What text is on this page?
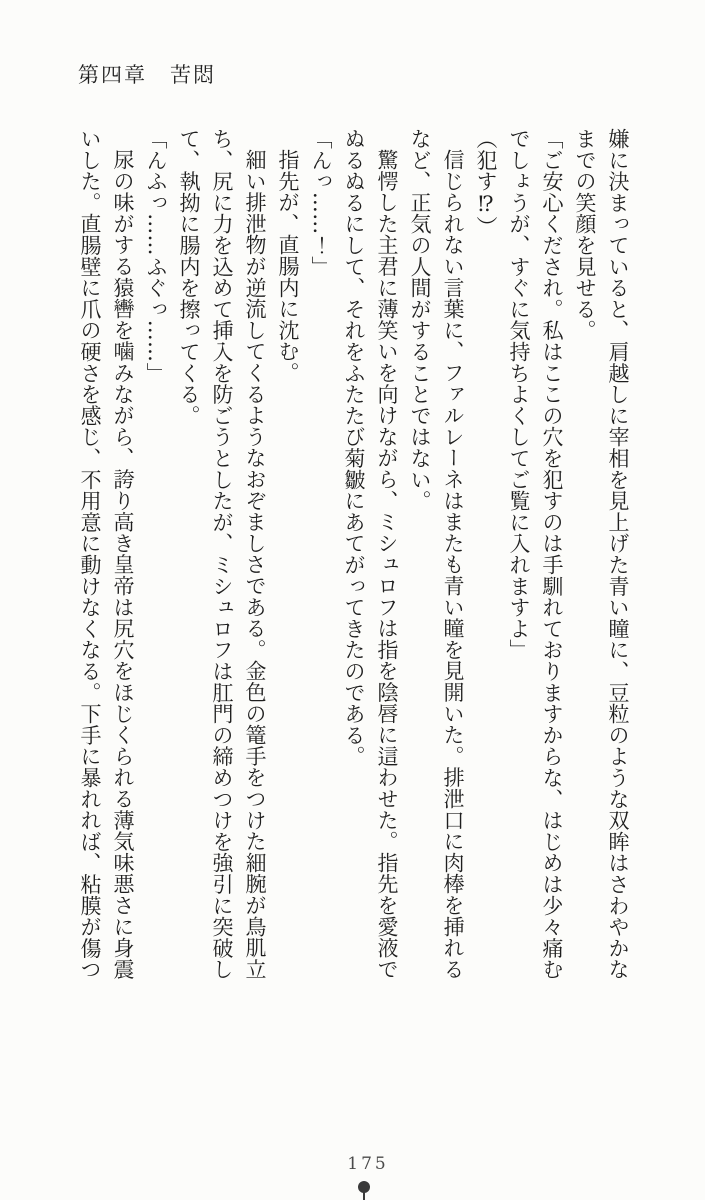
第四章　苦悶
嫌に決まっていると、肩越しに宰相を見上げた青い瞳に、豆粒のような双眸はさわやかな
までの笑顔を見せる。
「ご安心くだされ。私はここの穴を犯すのは手馴れておりますからな、はじめは少々痛む
でしょうが、すぐに気持ちよくしてご覧に入れますよ」
（犯す⁉）
信じられない言葉に、ファルレーネはまたも青い瞳を見開いた。排泄口に肉棒を挿れる
など、正気の人間がすることではない。
驚愕した主君に薄笑いを向けながら、ミシュロフは指を陰唇に這わせた。指先を愛液で
ぬるぬるにして、それをふたたび菊皺にあてがってきたのである。
「んっ……！」
指先が、直腸内に沈む。
細い排泄物が逆流してくるようなおぞましさである。金色の篭手をつけた細腕が鳥肌立
ち、尻に力を込めて挿入を防ごうとしたが、ミシュロフは肛門の締めつけを強引に突破し
て、執拗に腸内を擦ってくる。
「んふっ……ふぐっ……」
尿の味がする猿轡を噛みながら、誇り高き皇帝は尻穴をほじくられる薄気味悪さに身震
いした。直腸壁に爪の硬さを感じ、不用意に動けなくなる。下手に暴れれば、粘膜が傷つ
175
